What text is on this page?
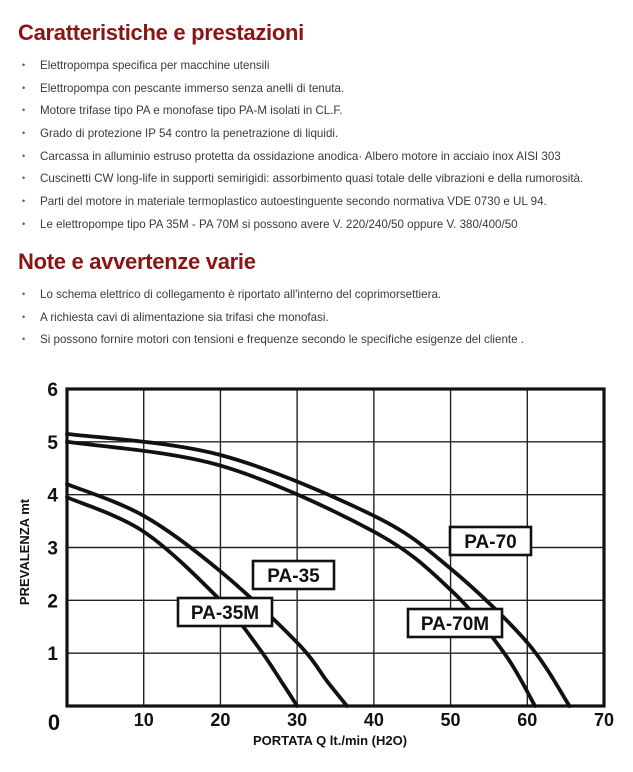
Caratteristiche e prestazioni
• Elettropompa specifica per macchine utensili
• Elettropompa con pescante immerso senza anelli di tenuta.
• Motore trifase tipo PA e monofase tipo PA-M isolati in CL.F.
• Grado di protezione IP 54 contro la penetrazione di liquidi.
• Carcassa in alluminio estruso protetta da ossidazione anodica· Albero motore in acciaio inox AISI 303
• Cuscinetti CW long-life in supporti semirigidi: assorbimento quasi totale delle vibrazioni e della rumorosità.
• Parti del motore in materiale termoplastico autoestinguente secondo normativa VDE 0730 e UL 94.
• Le elettropompe tipo PA 35M - PA 70M si possono avere V. 220/240/50 oppure V. 380/400/50
Note e avvertenze varie
• Lo schema elettrico di collegamento è riportato all'interno del coprimorsettiera.
• A richiesta cavi di alimentazione sia trifasi che monofasi.
• Si possono fornire motori con tensioni e frequenze secondo le specifiche esigenze del cliente .
0	10	20	30	40	50	60	70
1
2
3
4
5
6
PA-35M
PA-35
PA-70M
PA-70
PREVALENZA mt
PORTATA Q lt./min (H2O)
